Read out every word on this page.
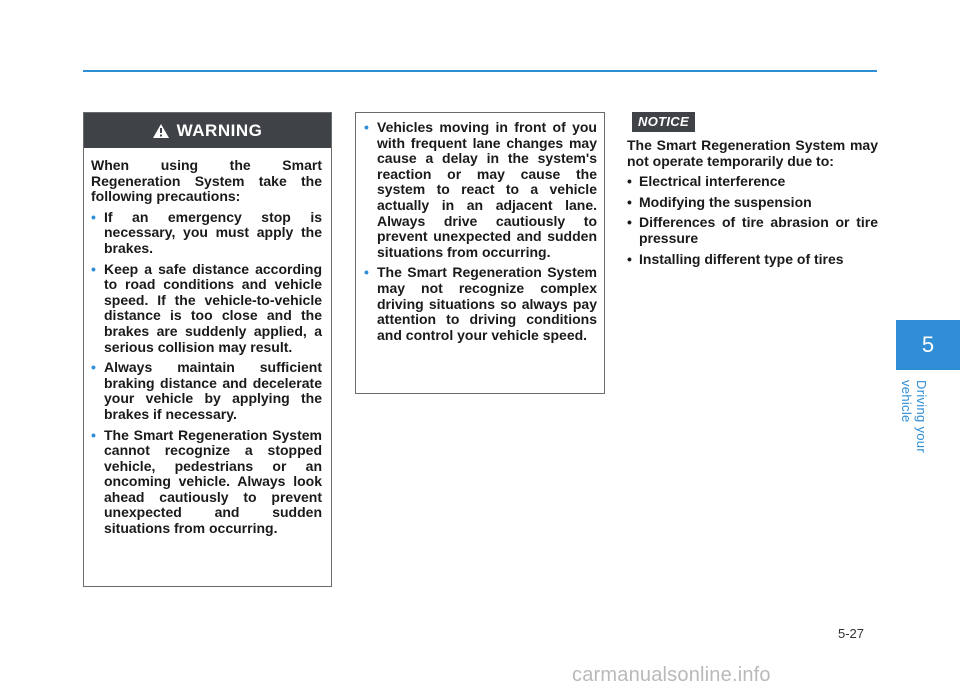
WARNING

When using the Smart Regeneration System take the following precautions:

• If an emergency stop is necessary, you must apply the brakes.
• Keep a safe distance according to road conditions and vehicle speed. If the vehicle-to-vehicle distance is too close and the brakes are suddenly applied, a serious collision may result.
• Always maintain sufficient braking distance and decelerate your vehicle by applying the brakes if necessary.
• The Smart Regeneration System cannot recognize a stopped vehicle, pedestrians or an oncoming vehicle. Always look ahead cautiously to prevent unexpected and sudden situations from occurring.
• Vehicles moving in front of you with frequent lane changes may cause a delay in the system's reaction or may cause the system to react to a vehicle actually in an adjacent lane. Always drive cautiously to prevent unexpected and sudden situations from occurring.
• The Smart Regeneration System may not recognize complex driving situations so always pay attention to driving conditions and control your vehicle speed.
NOTICE

The Smart Regeneration System may not operate temporarily due to:

• Electrical interference
• Modifying the suspension
• Differences of tire abrasion or tire pressure
• Installing different type of tires
5
Driving your vehicle
5-27
carmanualsonline.info
